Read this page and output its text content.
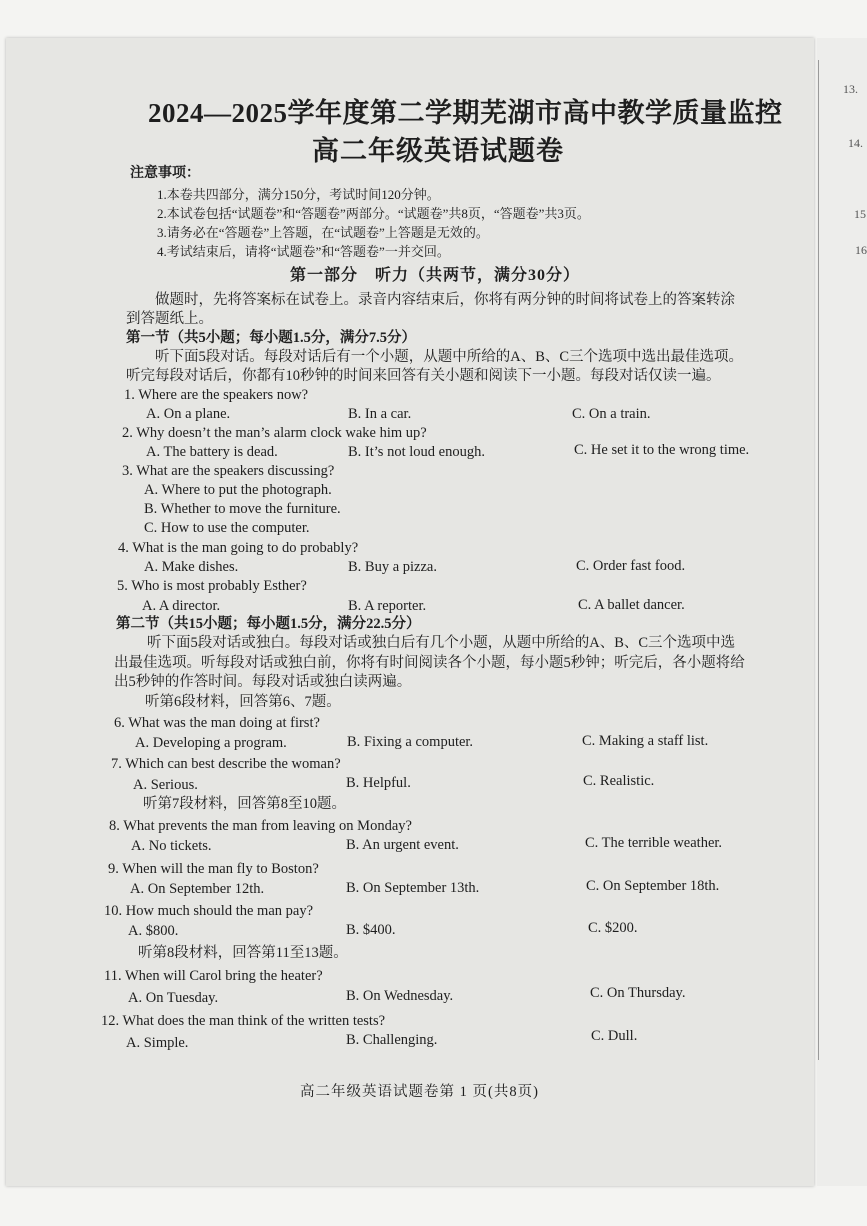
13.
14.
15
16
2024—2025学年度第二学期芜湖市高中教学质量监控
高二年级英语试题卷
注意事项：
1.本卷共四部分，满分150分，考试时间120分钟。
2.本试卷包括“试题卷”和“答题卷”两部分。“试题卷”共8页，“答题卷”共3页。
3.请务必在“答题卷”上答题，在“试题卷”上答题是无效的。
4.考试结束后，请将“试题卷”和“答题卷”一并交回。
第一部分　听力（共两节，满分30分）
做题时，先将答案标在试卷上。录音内容结束后，你将有两分钟的时间将试卷上的答案转涂
到答题纸上。
第一节（共5小题；每小题1.5分，满分7.5分）
听下面5段对话。每段对话后有一个小题，从题中所给的A、B、C三个选项中选出最佳选项。
听完每段对话后，你都有10秒钟的时间来回答有关小题和阅读下一小题。每段对话仅读一遍。
1. Where are the speakers now?
A. On a plane.	B. In a car.	C. On a train.
2. Why doesn’t the man’s alarm clock wake him up?
A. The battery is dead.	B. It’s not loud enough.	C. He set it to the wrong time.
3. What are the speakers discussing?
A. Where to put the photograph.
B. Whether to move the furniture.
C. How to use the computer.
4. What is the man going to do probably?
A. Make dishes.	B. Buy a pizza.	C. Order fast food.
5. Who is most probably Esther?
A. A director.	B. A reporter.	C. A ballet dancer.
第二节（共15小题；每小题1.5分，满分22.5分）
听下面5段对话或独白。每段对话或独白后有几个小题，从题中所给的A、B、C三个选项中选
出最佳选项。听每段对话或独白前，你将有时间阅读各个小题，每小题5秒钟；听完后，各小题将给
出5秒钟的作答时间。每段对话或独白读两遍。
听第6段材料，回答第6、7题。
6. What was the man doing at first?
A. Developing a program.	B. Fixing a computer.	C. Making a staff list.
7. Which can best describe the woman?
A. Serious.	B. Helpful.	C. Realistic.
听第7段材料，回答第8至10题。
8. What prevents the man from leaving on Monday?
A. No tickets.	B. An urgent event.	C. The terrible weather.
9. When will the man fly to Boston?
A. On September 12th.	B. On September 13th.	C. On September 18th.
10. How much should the man pay?
A. $800.	B. $400.	C. $200.
听第8段材料，回答第11至13题。
11. When will Carol bring the heater?
A. On Tuesday.	B. On Wednesday.	C. On Thursday.
12. What does the man think of the written tests?
A. Simple.	B. Challenging.	C. Dull.
高二年级英语试题卷第 1 页(共8页)
